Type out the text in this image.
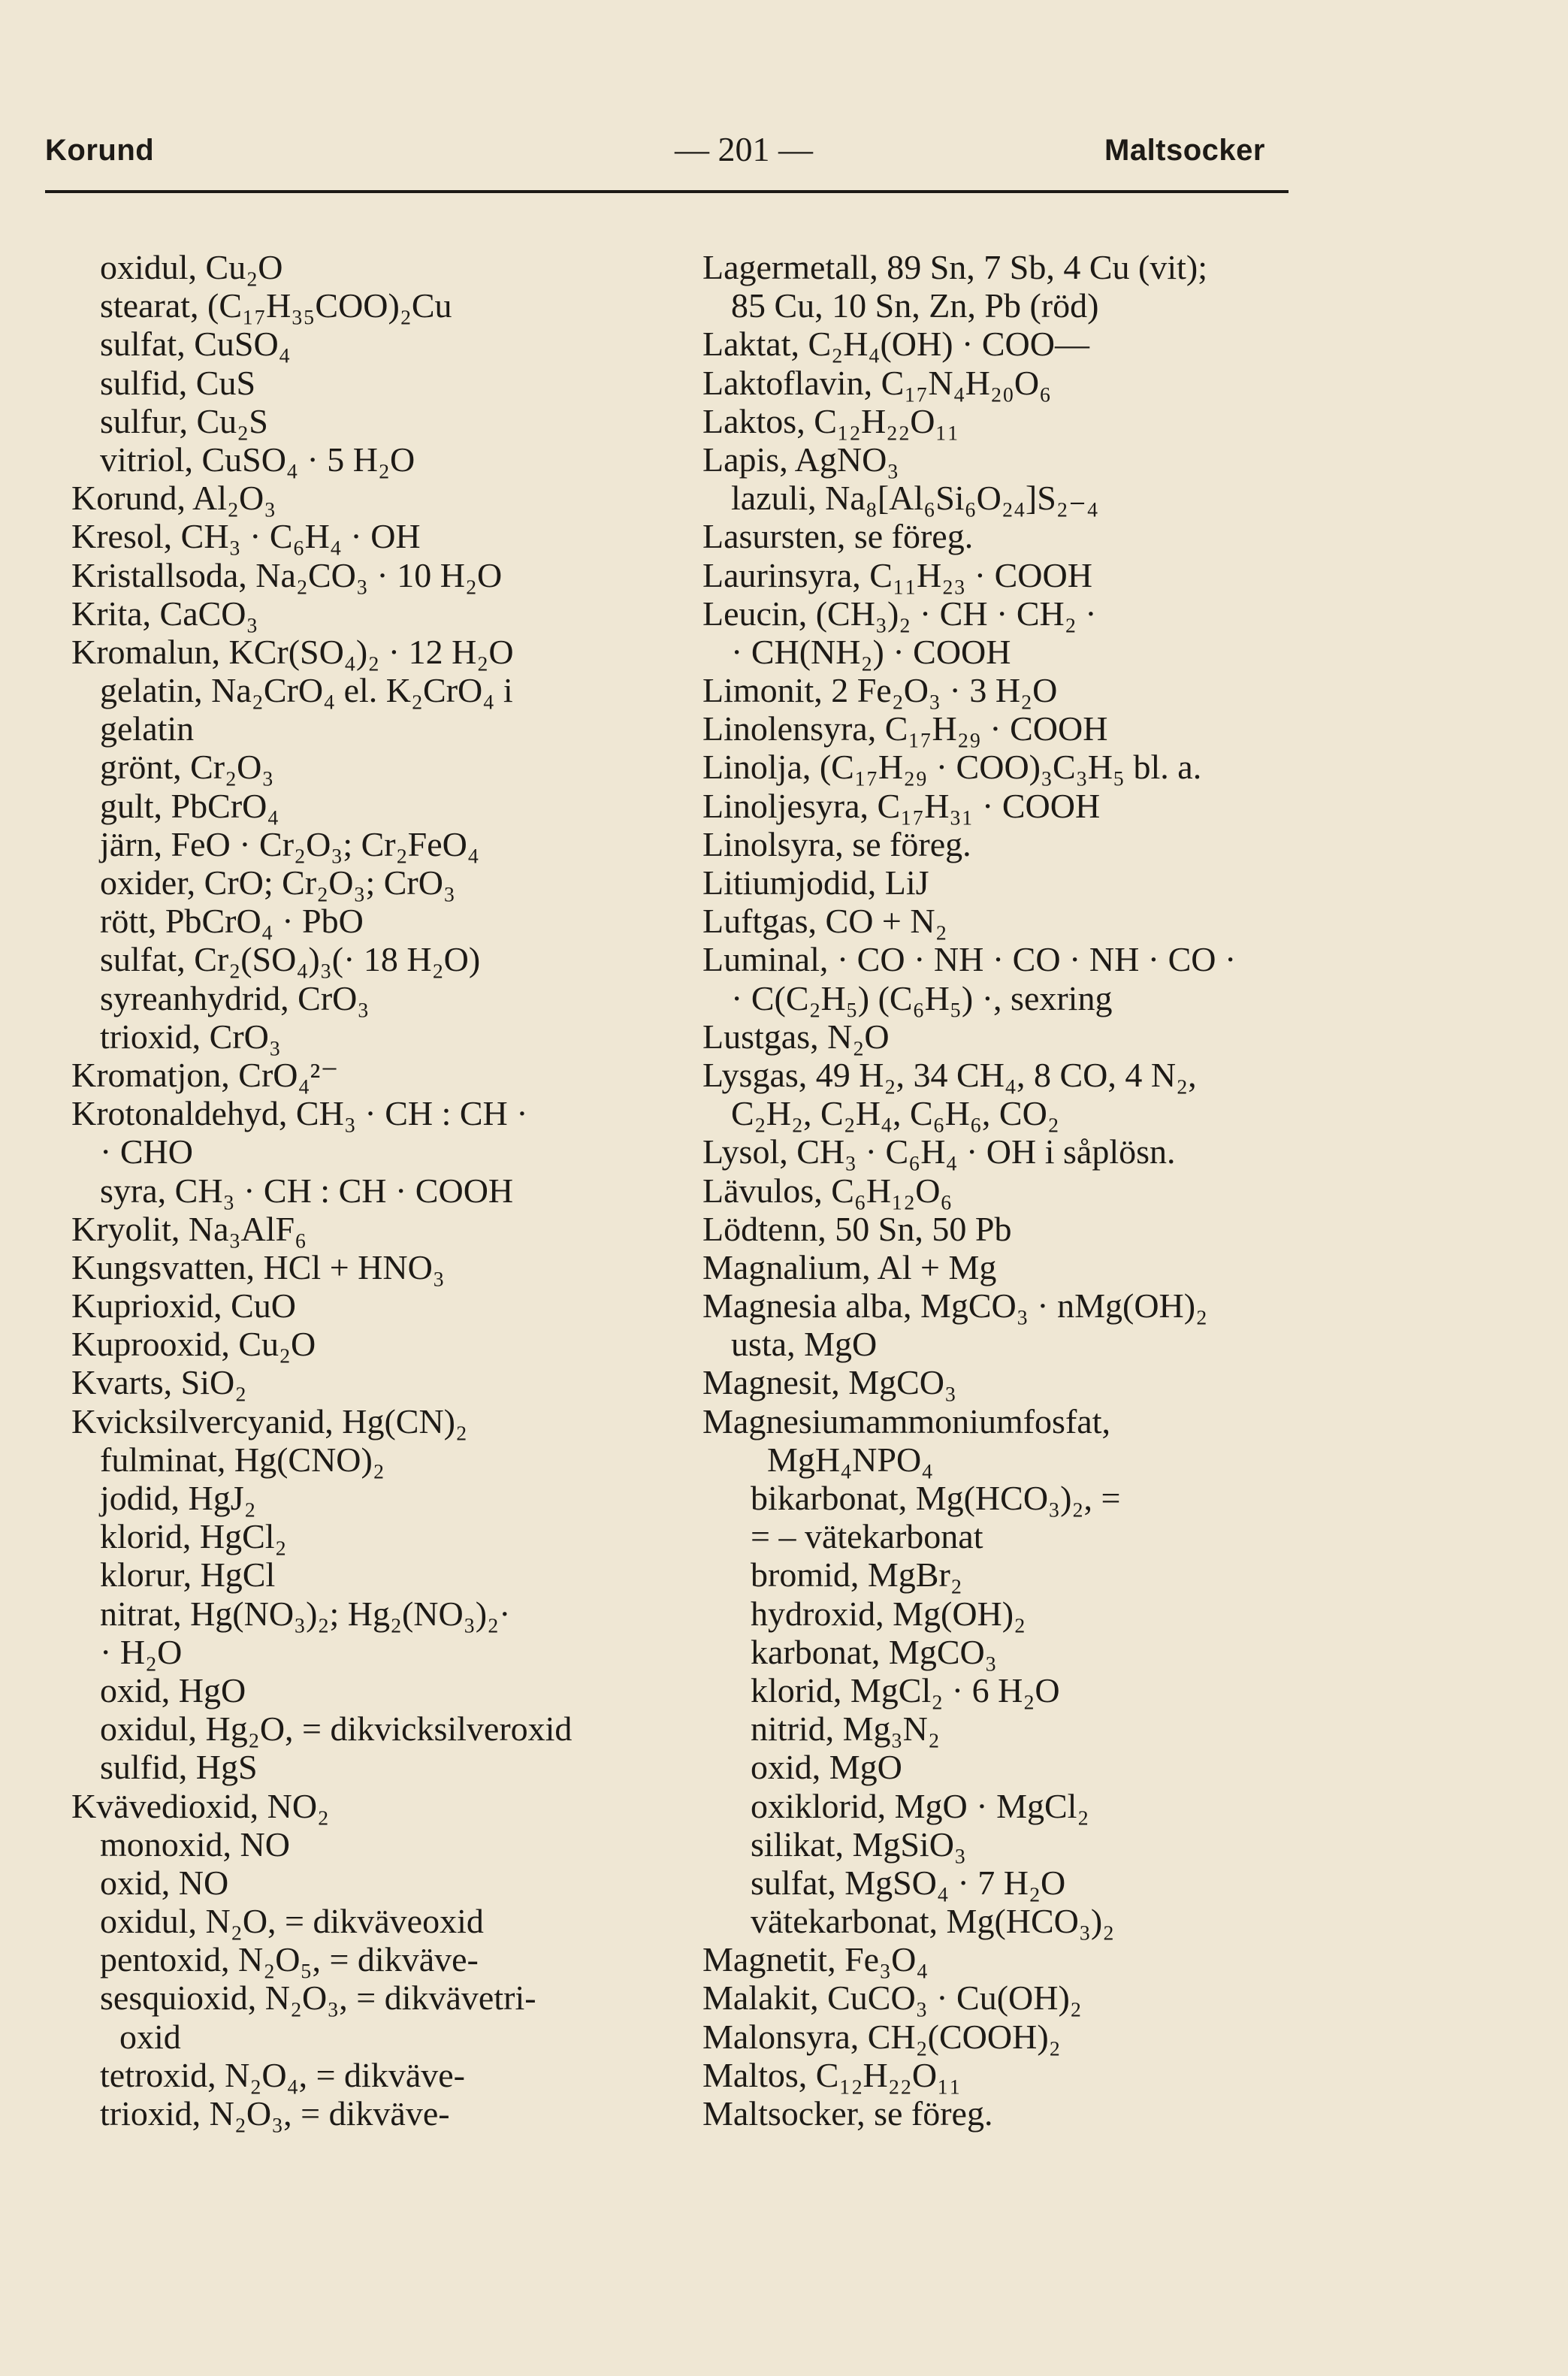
Korund	— 201 —	Maltsocker
oxidul, Cu₂O
stearat, (C₁₇H₃₅COO)₂Cu
sulfat, CuSO₄
sulfid, CuS
sulfur, Cu₂S
vitriol, CuSO₄ · 5 H₂O
Korund, Al₂O₃
Kresol, CH₃ · C₆H₄ · OH
Kristallsoda, Na₂CO₃ · 10 H₂O
Krita, CaCO₃
Kromalun, KCr(SO₄)₂ · 12 H₂O
gelatin, Na₂CrO₄ el. K₂CrO₄ i
gelatin
grönt, Cr₂O₃
gult, PbCrO₄
järn, FeO · Cr₂O₃; Cr₂FeO₄
oxider, CrO; Cr₂O₃; CrO₃
rött, PbCrO₄ · PbO
sulfat, Cr₂(SO₄)₃(· 18 H₂O)
syreanhydrid, CrO₃
trioxid, CrO₃
Kromatjon, CrO₄²⁻
Krotonaldehyd, CH₃ · CH : CH ·
· CHO
syra, CH₃ · CH : CH · COOH
Kryolit, Na₃AlF₆
Kungsvatten, HCl + HNO₃
Kuprioxid, CuO
Kuprooxid, Cu₂O
Kvarts, SiO₂
Kvicksilvercyanid, Hg(CN)₂
fulminat, Hg(CNO)₂
jodid, HgJ₂
klorid, HgCl₂
klorur, HgCl
nitrat, Hg(NO₃)₂; Hg₂(NO₃)₂·
· H₂O
oxid, HgO
oxidul, Hg₂O, = dikvicksilveroxid
sulfid, HgS
Kvävedioxid, NO₂
monoxid, NO
oxid, NO
oxidul, N₂O, = dikväveoxid
pentoxid, N₂O₅, = dikväve-
sesquioxid, N₂O₃, = dikvävetri-
oxid
tetroxid, N₂O₄, = dikväve-
trioxid, N₂O₃, = dikväve-
Lagermetall, 89 Sn, 7 Sb, 4 Cu (vit);
85 Cu, 10 Sn, Zn, Pb (röd)
Laktat, C₂H₄(OH) · COO—
Laktoflavin, C₁₇N₄H₂₀O₆
Laktos, C₁₂H₂₂O₁₁
Lapis, AgNO₃
lazuli, Na₈[Al₆Si₆O₂₄]S₂₋₄
Lasursten, se föreg.
Laurinsyra, C₁₁H₂₃ · COOH
Leucin, (CH₃)₂ · CH · CH₂ ·
· CH(NH₂) · COOH
Limonit, 2 Fe₂O₃ · 3 H₂O
Linolensyra, C₁₇H₂₉ · COOH
Linolja, (C₁₇H₂₉ · COO)₃C₃H₅ bl. a.
Linoljesyra, C₁₇H₃₁ · COOH
Linolsyra, se föreg.
Litiumjodid, LiJ
Luftgas, CO + N₂
Luminal, · CO · NH · CO · NH · CO ·
· C(C₂H₅) (C₆H₅) ·, sexring
Lustgas, N₂O
Lysgas, 49 H₂, 34 CH₄, 8 CO, 4 N₂,
C₂H₂, C₂H₄, C₆H₆, CO₂
Lysol, CH₃ · C₆H₄ · OH i såplösn.
Lävulos, C₆H₁₂O₆
Lödtenn, 50 Sn, 50 Pb
Magnalium, Al + Mg
Magnesia alba, MgCO₃ · nMg(OH)₂
usta, MgO
Magnesit, MgCO₃
Magnesiumammoniumfosfat,
MgH₄NPO₄
bikarbonat, Mg(HCO₃)₂, =
= – vätekarbonat
bromid, MgBr₂
hydroxid, Mg(OH)₂
karbonat, MgCO₃
klorid, MgCl₂ · 6 H₂O
nitrid, Mg₃N₂
oxid, MgO
oxiklorid, MgO · MgCl₂
silikat, MgSiO₃
sulfat, MgSO₄ · 7 H₂O
vätekarbonat, Mg(HCO₃)₂
Magnetit, Fe₃O₄
Malakit, CuCO₃ · Cu(OH)₂
Malonsyra, CH₂(COOH)₂
Maltos, C₁₂H₂₂O₁₁
Maltsocker, se föreg.
